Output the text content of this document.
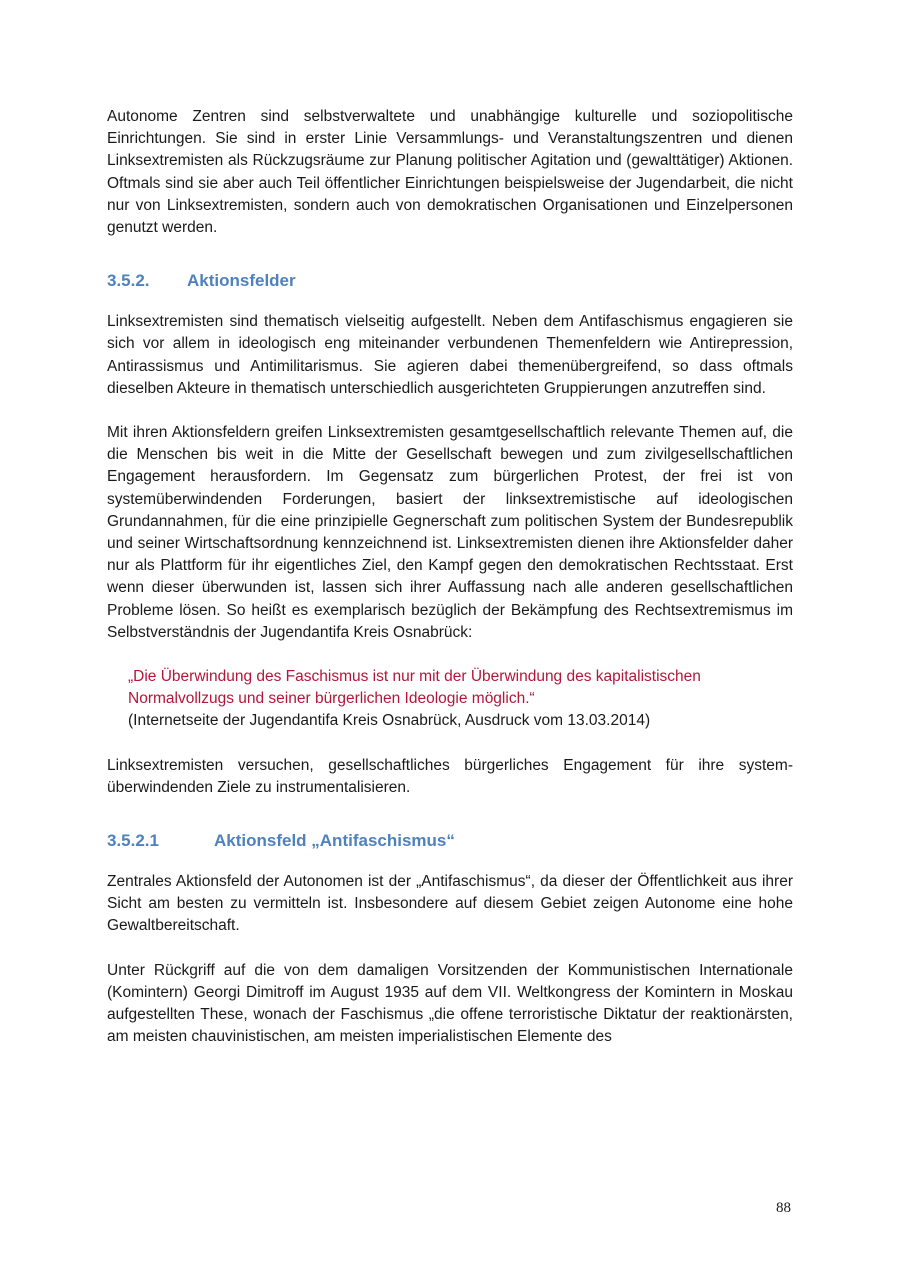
Autonome Zentren sind selbstverwaltete und unabhängige kulturelle und soziopolitische Einrichtungen. Sie sind in erster Linie Versammlungs- und Veranstaltungszentren und dienen Linksextremisten als Rückzugsräume zur Planung politischer Agitation und (gewalttätiger) Aktionen. Oftmals sind sie aber auch Teil öffentlicher Einrichtungen beispielsweise der Jugendarbeit, die nicht nur von Linksextremisten, sondern auch von demokratischen Organisationen und Einzelpersonen genutzt werden.

3.5.2.	Aktionsfelder

Linksextremisten sind thematisch vielseitig aufgestellt. Neben dem Antifaschismus engagieren sie sich vor allem in ideologisch eng miteinander verbundenen Themenfeldern wie Antirepression, Antirassismus und Antimilitarismus. Sie agieren dabei themenübergreifend, so dass oftmals dieselben Akteure in thematisch unterschiedlich ausgerichteten Gruppierungen anzutreffen sind.

Mit ihren Aktionsfeldern greifen Linksextremisten gesamtgesellschaftlich relevante Themen auf, die die Menschen bis weit in die Mitte der Gesellschaft bewegen und zum zivilgesellschaftlichen Engagement herausfordern. Im Gegensatz zum bürgerlichen Protest, der frei ist von systemüberwindenden Forderungen, basiert der linksextremistische auf ideologischen Grundannahmen, für die eine prinzipielle Gegnerschaft zum politischen System der Bundesrepublik und seiner Wirtschaftsordnung kennzeichnend ist. Linksextremisten dienen ihre Aktionsfelder daher nur als Plattform für ihr eigentliches Ziel, den Kampf gegen den demokratischen Rechtsstaat. Erst wenn dieser überwunden ist, lassen sich ihrer Auffassung nach alle anderen gesellschaftlichen Probleme lösen. So heißt es exemplarisch bezüglich der Bekämpfung des Rechtsextremismus im Selbstverständnis der Jugendantifa Kreis Osnabrück:

„Die Überwindung des Faschismus ist nur mit der Überwindung des kapitalistischen Normalvollzugs und seiner bürgerlichen Ideologie möglich.“

(Internetseite der Jugendantifa Kreis Osnabrück, Ausdruck vom 13.03.2014)

Linksextremisten versuchen, gesellschaftliches bürgerliches Engagement für ihre systemüberwindenden Ziele zu instrumentalisieren.

3.5.2.1	Aktionsfeld „Antifaschismus“

Zentrales Aktionsfeld der Autonomen ist der „Antifaschismus“, da dieser der Öffentlichkeit aus ihrer Sicht am besten zu vermitteln ist. Insbesondere auf diesem Gebiet zeigen Autonome eine hohe Gewaltbereitschaft.

Unter Rückgriff auf die von dem damaligen Vorsitzenden der Kommunistischen Internationale (Komintern) Georgi Dimitroff im August 1935 auf dem VII. Weltkongress der Komintern in Moskau aufgestellten These, wonach der Faschismus „die offene terroristische Diktatur der reaktionärsten, am meisten chauvinistischen, am meisten imperialistischen Elemente des

88
